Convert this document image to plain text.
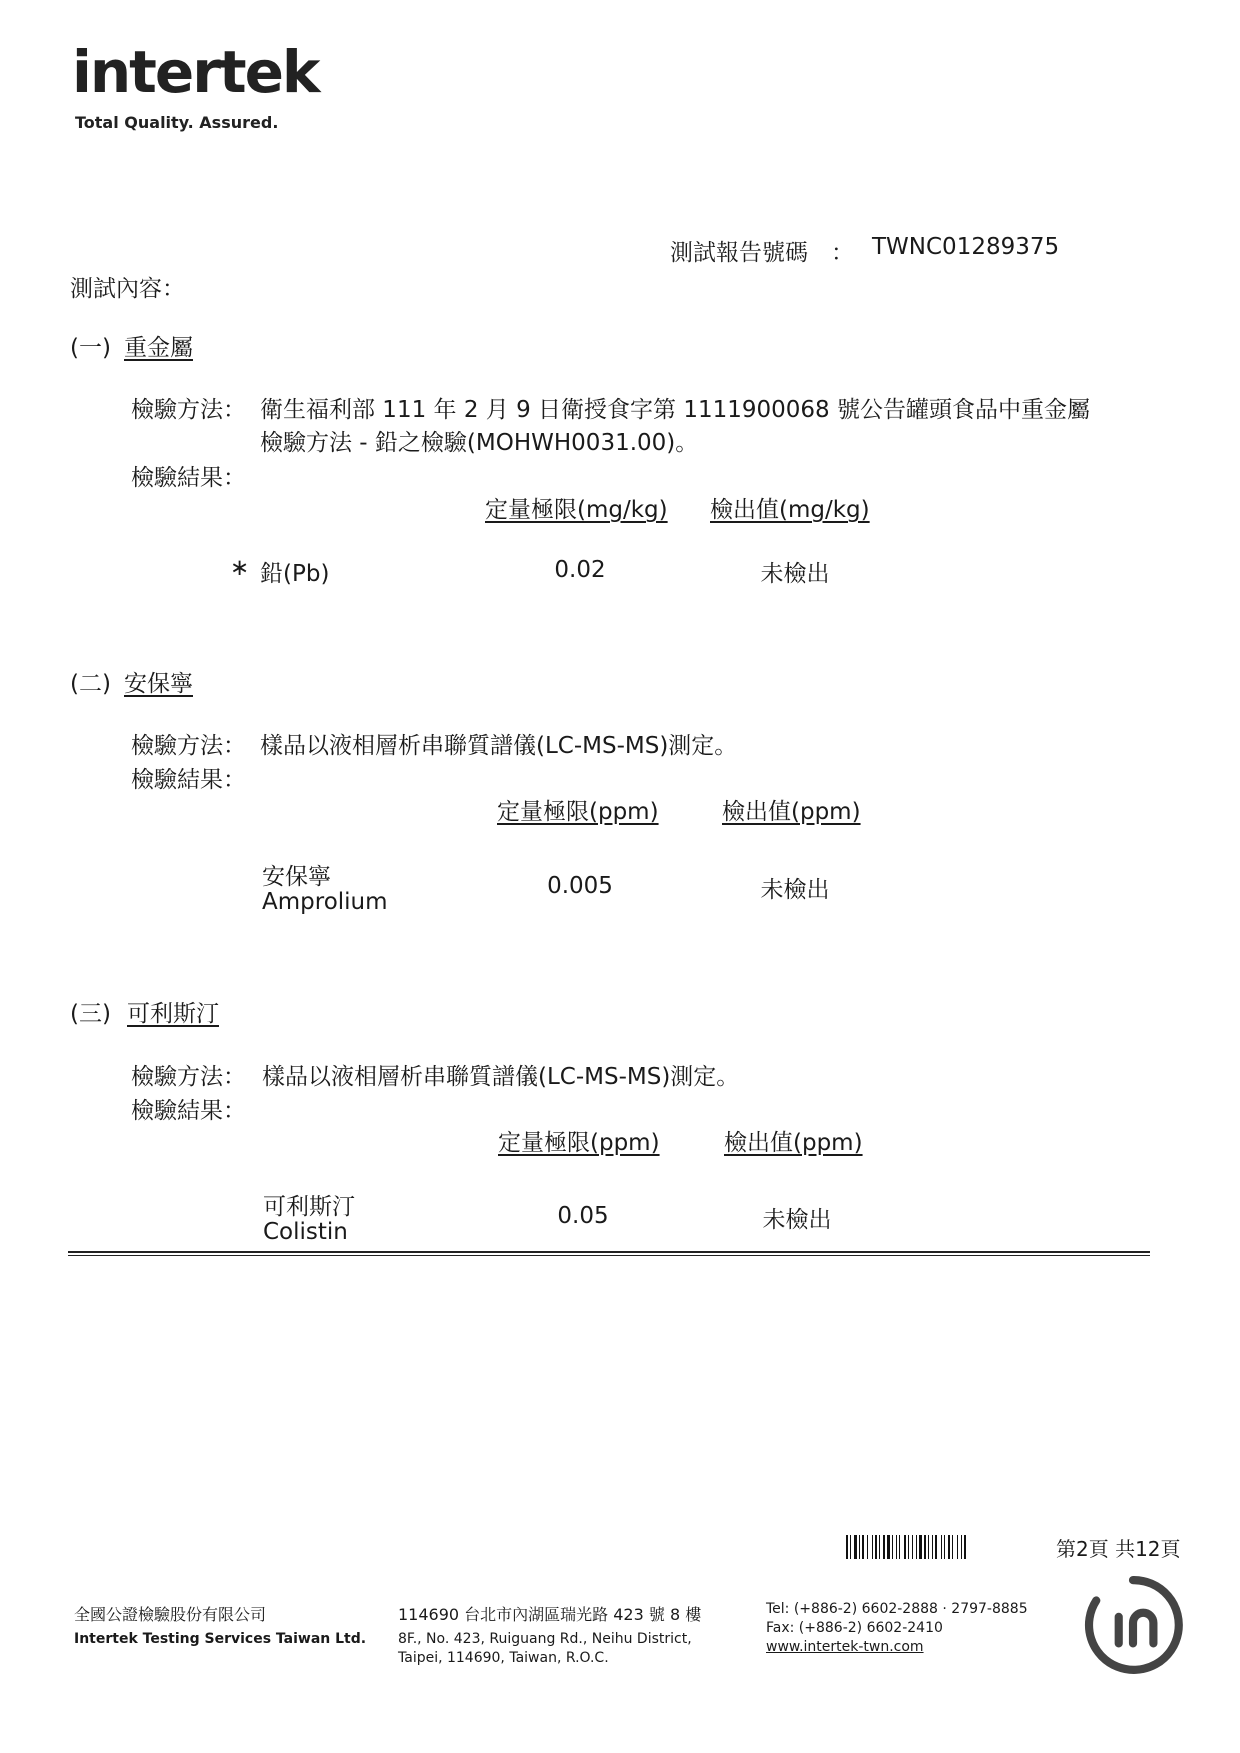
intertek
Total Quality. Assured.
測試報告號碼　： TWNC01289375
測試內容：
(一) 重金屬
檢驗方法： 衛生福利部 111 年 2 月 9 日衛授食字第 1111900068 號公告罐頭食品中重金屬
檢驗方法 - 鉛之檢驗(MOHWH0031.00)。
檢驗結果：
定量極限(mg/kg) 檢出值(mg/kg)
∗ 鉛(Pb)	0.02	未檢出
(二) 安保寧
檢驗方法： 樣品以液相層析串聯質譜儀(LC-MS-MS)測定。
檢驗結果：
定量極限(ppm)	檢出值(ppm)
安保寧
Amprolium
0.005	未檢出
(三) 可利斯汀
檢驗方法： 樣品以液相層析串聯質譜儀(LC-MS-MS)測定。
檢驗結果：
定量極限(ppm)	檢出值(ppm)
可利斯汀
Colistin
0.05	未檢出
第2頁 共12頁
全國公證檢驗股份有限公司
Intertek Testing Services Taiwan Ltd.
114690 台北市內湖區瑞光路 423 號 8 樓
8F., No. 423, Ruiguang Rd., Neihu District,
Taipei, 114690, Taiwan, R.O.C.
Tel: (+886-2) 6602-2888 · 2797-8885
Fax: (+886-2) 6602-2410
www.intertek-twn.com
